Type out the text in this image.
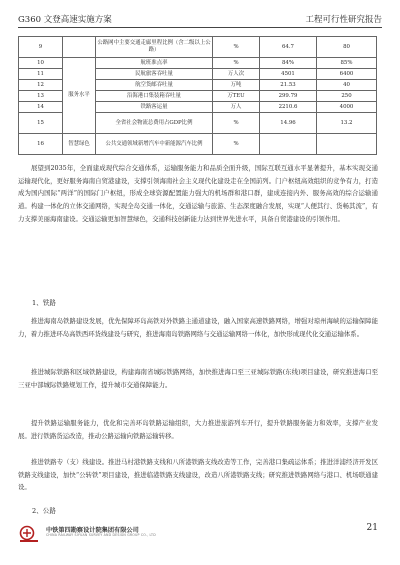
G360 文登高速实施方案	工程可行性研究报告
9		公路网中主要交通走廊里程比例（含二级以上公路）	%	64.7	80
10	服务水平	航班准点率	%	84%	85%
11		民航旅客吞吐量	万人次	4501	6400
12		航空货邮吞吐量	万吨	21.53	40
13		沿海港口集装箱吞吐量	万TEU	299.79	250
14		铁路客运量	万人	2210.6	4000
15		全省社会物流总费用占GDP比例	%	14.96	13.2
16	智慧绿色	公共交通领域新增汽车中新能源汽车比例	%		

展望到2035年，全面建成现代综合交通体系，运输服务能力和品质全面升级，国际互联互通水平显著提升，基本实现交通运输现代化，更好服务海南自贸港建设，支撑引领海南社会主义现代化建设走在全国前列。门户枢纽高效组织的竞争有力，打造成为国内国际“两洋”的国际门户枢纽，形成全球资源配置能力强大的机场群和港口群，建成连接内外、服务高效的综合运输通道。构建一体化的立体交通网络，实现全岛交通一体化，交通运输与旅游、生态深度融合发展，实现“人便其行、货畅其流”，有力支撑美丽海南建设。交通运输更加智慧绿色，交通科技创新能力达到世界先进水平，具备自贸港建设的引领作用。

1、铁路

推进海南岛铁路建设发展，优先保障环岛高铁对外铁路主通道建设，融入国家高速铁路网络，增强对琼州海峡的运输保障能力，着力推进环岛高铁西环货线建设与研究，推进海南岛铁路网络与交通运输网络一体化，加快形成现代化交通运输体系。

推进城际铁路和区域铁路建设，构建海南省城际铁路网络，加快推进海口至三亚城际铁路(东线)项目建设，研究推进海口至三亚中部城际铁路规划工作，提升城市交通保障能力。

提升铁路运输服务能力，优化和完善环岛铁路运输组织，大力推进旅游列车开行，提升铁路服务能力和效率，支撑产业发展。进行铁路货运改造，推动公路运输向铁路运输转移。

推进铁路专（支）线建设。推进马村港铁路支线和八所港铁路支线改造等工作，完善港口集疏运体系；推进洋浦经济开发区铁路支线建设，加快“公转铁”项目建设，推进临港铁路支线建设，改造八所港铁路支线；研究推进铁路网络与港口、机场联通建设。

2、公路
中铁第四勘察设计院集团有限公司
CHINA RAILWAY SIYUAN SURVEY AND DESIGN GROUP CO., LTD
21
